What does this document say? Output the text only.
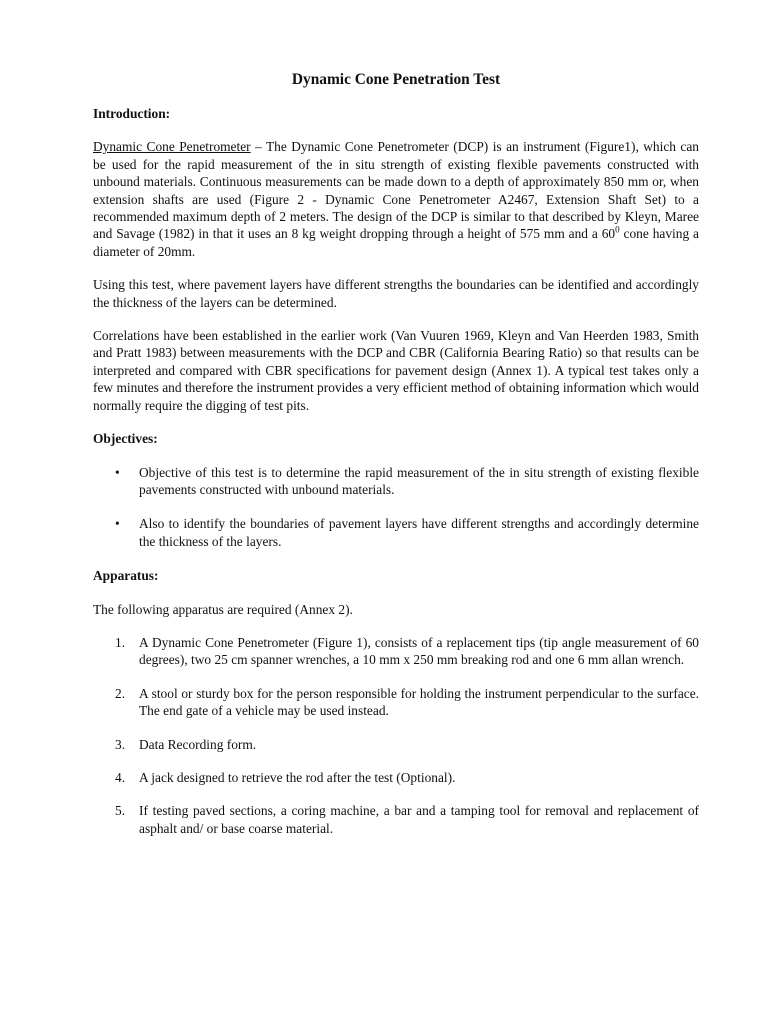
Dynamic Cone Penetration Test
Introduction:

Dynamic Cone Penetrometer – The Dynamic Cone Penetrometer (DCP) is an instrument (Figure1), which can be used for the rapid measurement of the in situ strength of existing flexible pavements constructed with unbound materials. Continuous measurements can be made down to a depth of approximately 850 mm or, when extension shafts are used (Figure 2 - Dynamic Cone Penetrometer A2467, Extension Shaft Set) to a recommended maximum depth of 2 meters. The design of the DCP is similar to that described by Kleyn, Maree and Savage (1982) in that it uses an 8 kg weight dropping through a height of 575 mm and a $60^0$ cone having a diameter of 20mm.

Using this test, where pavement layers have different strengths the boundaries can be identified and accordingly the thickness of the layers can be determined.

Correlations have been established in the earlier work (Van Vuuren 1969, Kleyn and Van Heerden 1983, Smith and Pratt 1983) between measurements with the DCP and CBR (California Bearing Ratio) so that results can be interpreted and compared with CBR specifications for pavement design (Annex 1). A typical test takes only a few minutes and therefore the instrument provides a very efficient method of obtaining information which would normally require the digging of test pits.

Objectives:
• Objective of this test is to determine the rapid measurement of the in situ strength of existing flexible pavements constructed with unbound materials.
• Also to identify the boundaries of pavement layers have different strengths and accordingly determine the thickness of the layers.
Apparatus:

The following apparatus are required (Annex 2).

1. A Dynamic Cone Penetrometer (Figure 1), consists of a replacement tips (tip angle measurement of 60 degrees), two 25 cm spanner wrenches, a 10 mm x 250 mm breaking rod and one 6 mm allan wrench.
2. A stool or sturdy box for the person responsible for holding the instrument perpendicular to the surface. The end gate of a vehicle may be used instead.
3. Data Recording form.
4. A jack designed to retrieve the rod after the test (Optional).
5. If testing paved sections, a coring machine, a bar and a tamping tool for removal and replacement of asphalt and/ or base coarse material.
